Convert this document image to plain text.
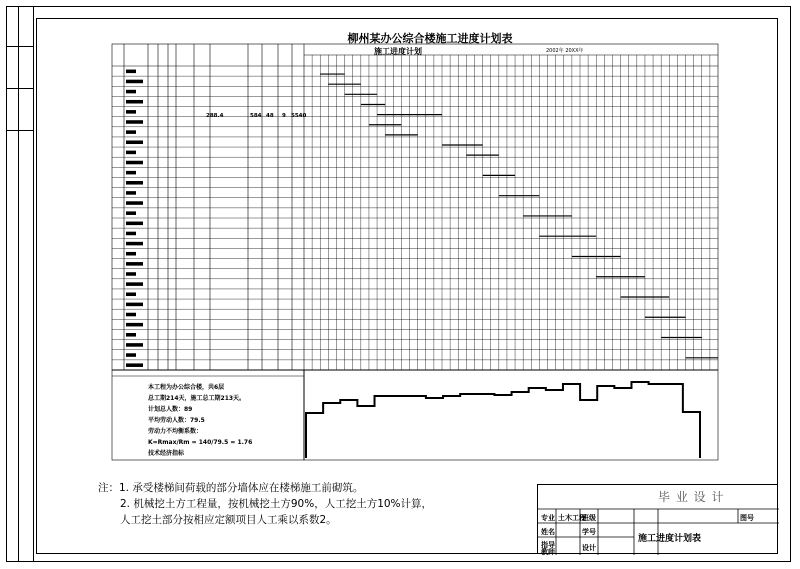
柳州某办公综合楼施工进度计划表
施工进度计划	2002年 20XX年
288.4	584 48 9 5540
本工程为办公综合楼，共6层
总工期214天，施工总工期213天。
计划总人数：89
平均劳动人数：79.5
劳动力不均衡系数：
K=Rmax/Rm = 140/79.5 = 1.76
技术经济指标
注：1. 承受楼梯间荷载的部分墙体应在楼梯施工前砌筑。
2. 机械挖土方工程量，按机械挖土方90%，人工挖土方10%计算，
人工挖土部分按相应定额项目人工乘以系数2。
毕 业 设 计
专业 土木工程
班级
姓名	学号
指导
教师	设计
图号
施工进度计划表
